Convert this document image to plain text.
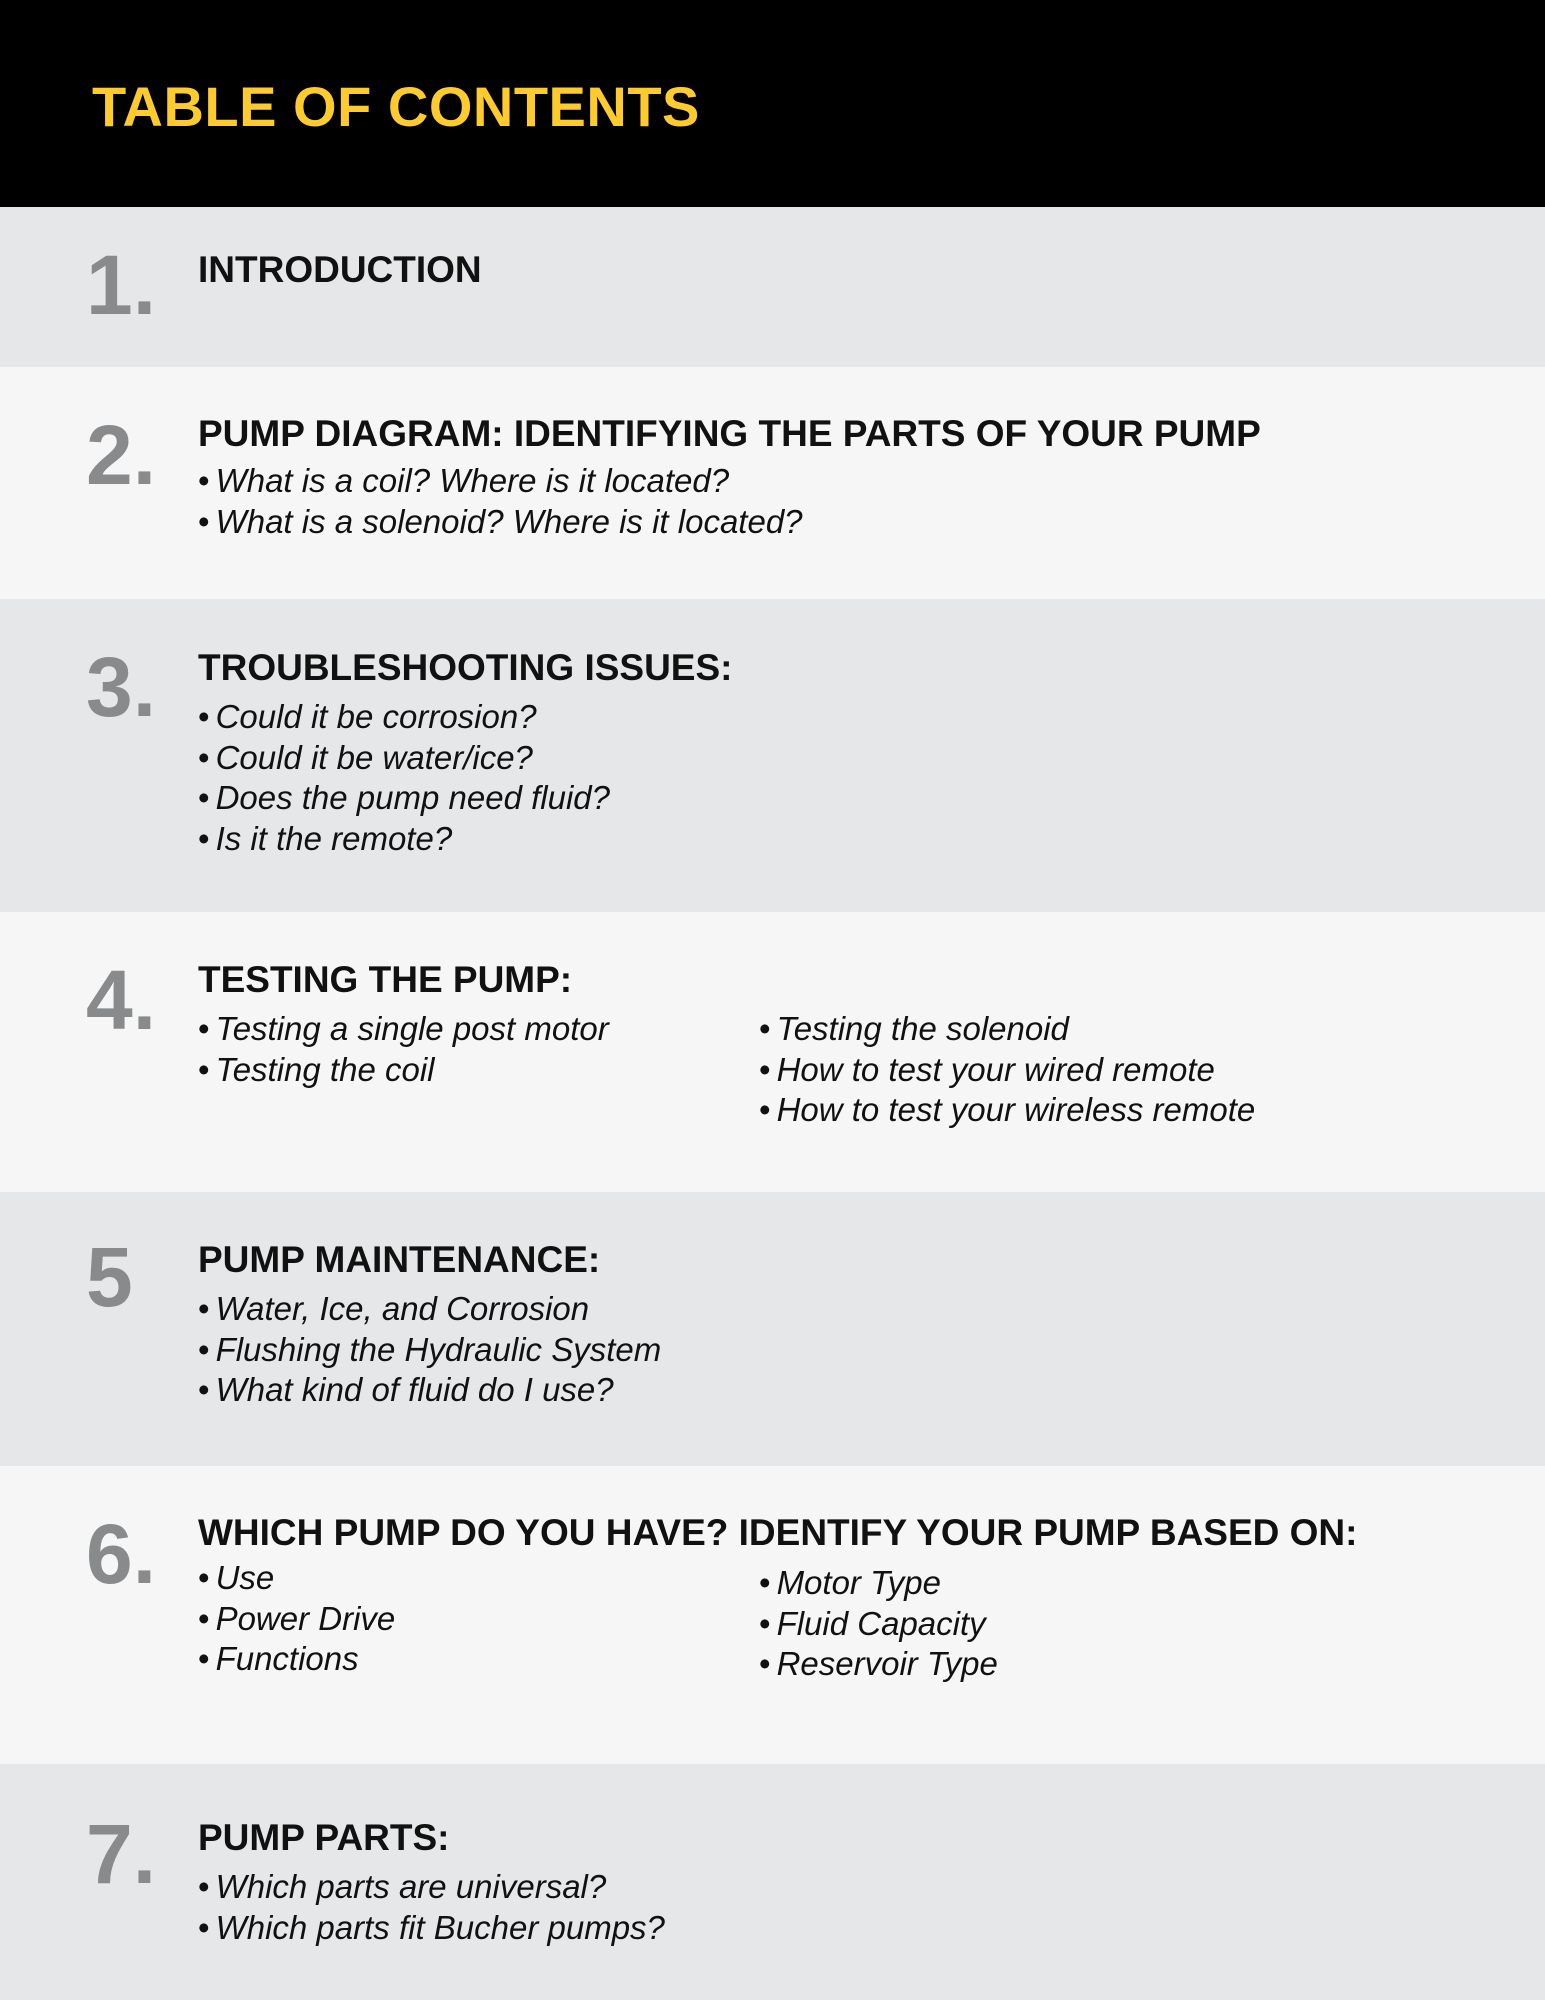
TABLE OF CONTENTS
1. INTRODUCTION
2. PUMP DIAGRAM: IDENTIFYING THE PARTS OF YOUR PUMP
• What is a coil? Where is it located?
• What is a solenoid? Where is it located?
3. TROUBLESHOOTING ISSUES:
• Could it be corrosion?
• Could it be water/ice?
• Does the pump need fluid?
• Is it the remote?
4. TESTING THE PUMP:
• Testing a single post motor
• Testing the coil
• Testing the solenoid
• How to test your wired remote
• How to test your wireless remote
5 PUMP MAINTENANCE:
• Water, Ice, and Corrosion
• Flushing the Hydraulic System
• What kind of fluid do I use?
6. WHICH PUMP DO YOU HAVE? IDENTIFY YOUR PUMP BASED ON:
• Use
• Power Drive
• Functions
• Motor Type
• Fluid Capacity
• Reservoir Type
7. PUMP PARTS:
• Which parts are universal?
• Which parts fit Bucher pumps?
